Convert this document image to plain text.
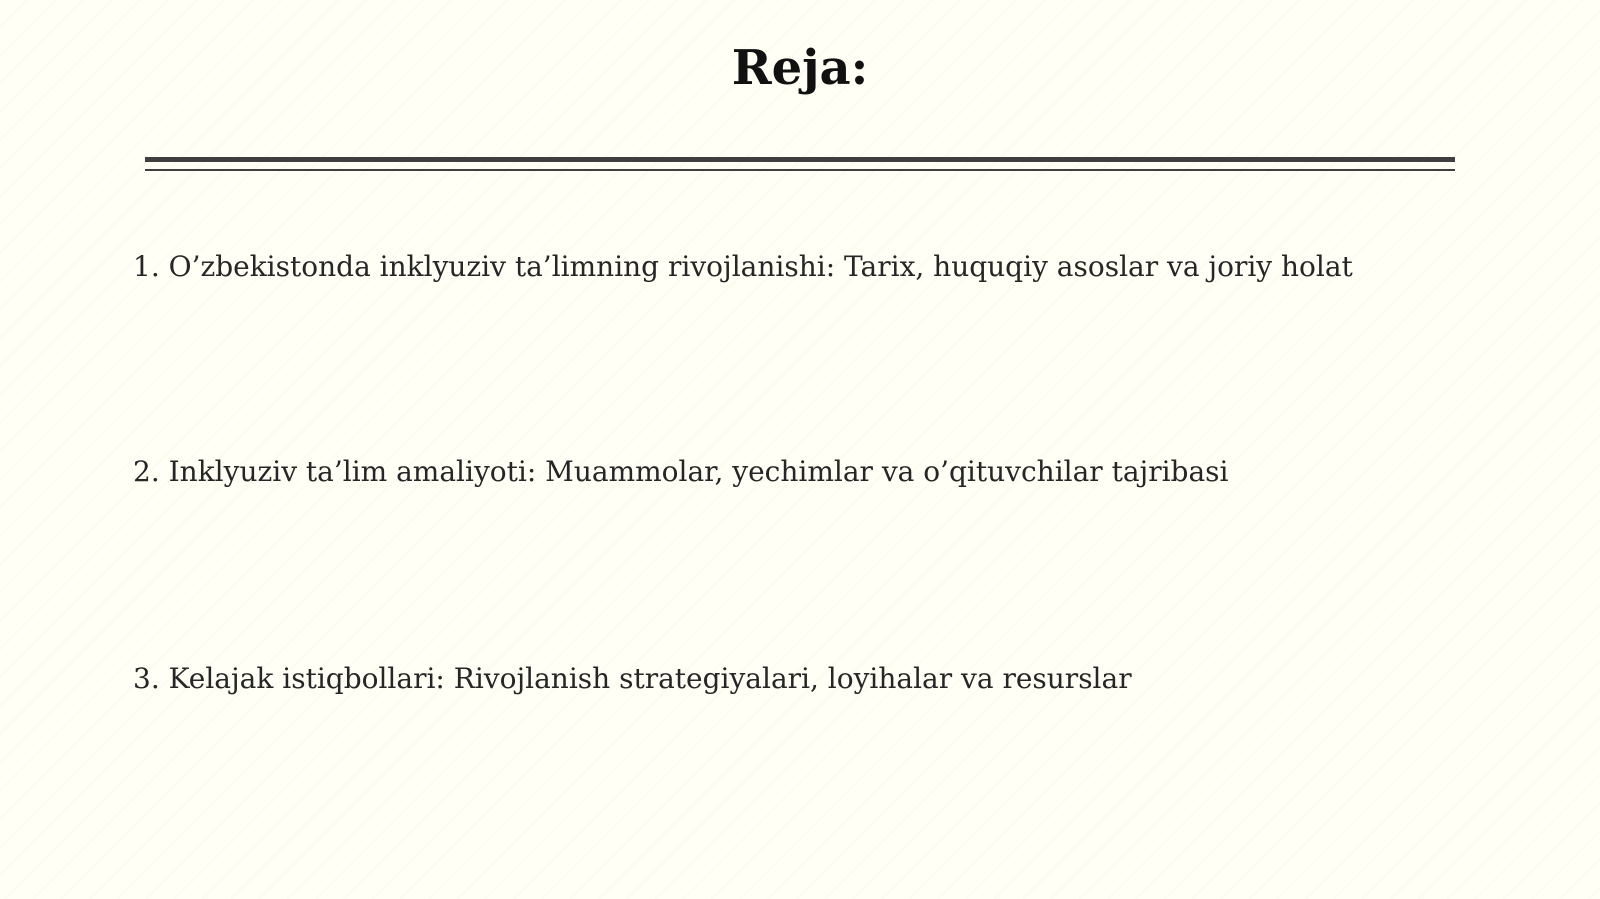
Reja:

1. O’zbekistonda inklyuziv ta’limning rivojlanishi: Tarix, huquqiy asoslar va joriy holat

2. Inklyuziv ta’lim amaliyoti: Muammolar, yechimlar va o’qituvchilar tajribasi

3. Kelajak istiqbollari: Rivojlanish strategiyalari, loyihalar va resurslar
